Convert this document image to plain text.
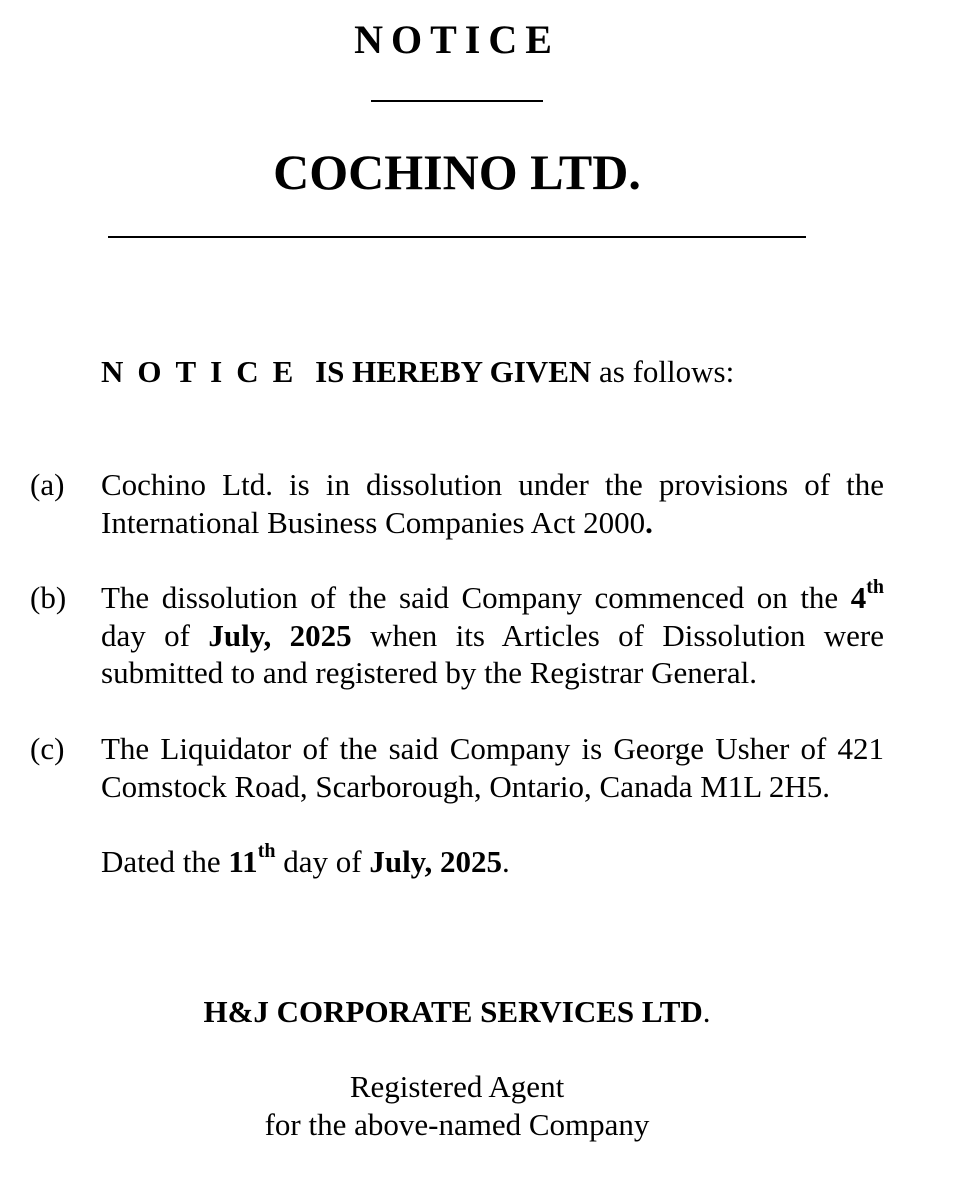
NOTICE
COCHINO LTD.
NOTICE IS HEREBY GIVEN as follows:
(a) Cochino Ltd. is in dissolution under the provisions of the
International Business Companies Act 2000.
(b) The dissolution of the said Company commenced on the 4th
day of July, 2025 when its Articles of Dissolution were
submitted to and registered by the Registrar General.
(c) The Liquidator of the said Company is George Usher of 421
Comstock Road, Scarborough, Ontario, Canada M1L 2H5.
Dated the 11th day of July, 2025.
H&J CORPORATE SERVICES LTD.
Registered Agent
for the above-named Company
